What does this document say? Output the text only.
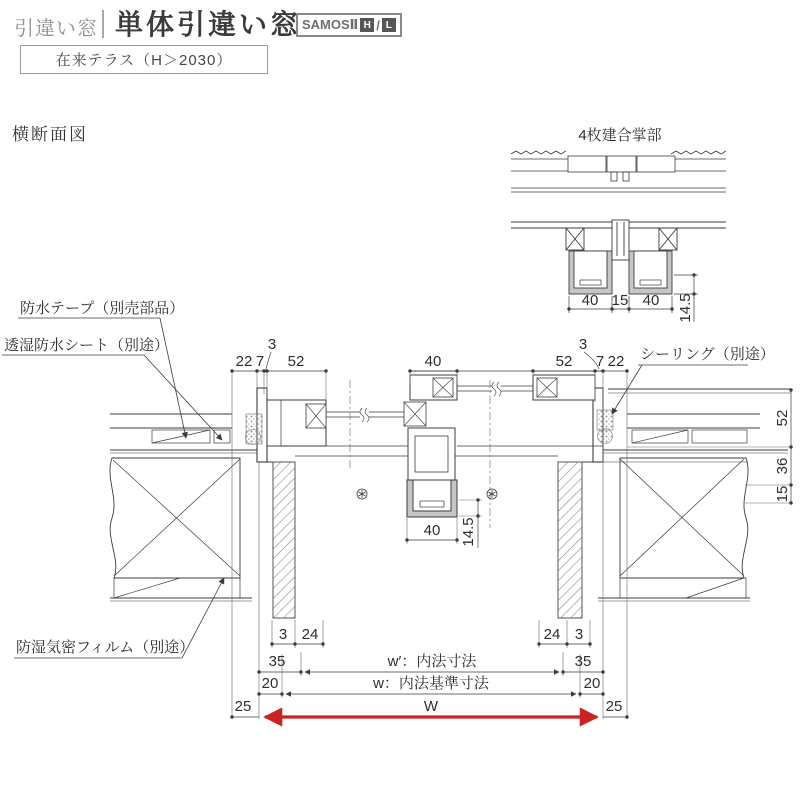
引違い窓 単体引違い窓 SAMOSⅡ H / L
在来テラス（H＞2030）
横断面図	4枚建合掌部
40 15 40 14.5
22 7
3
52	40	52
3
7 22
52
36
15
40 14.5
3 24	24 3
35	w′：内法寸法	35
20	w：内法基準寸法	20
25	25
W
防水テープ（別売部品）
透湿防水シート（別途）
シーリング（別途）
防湿気密フィルム（別途）
